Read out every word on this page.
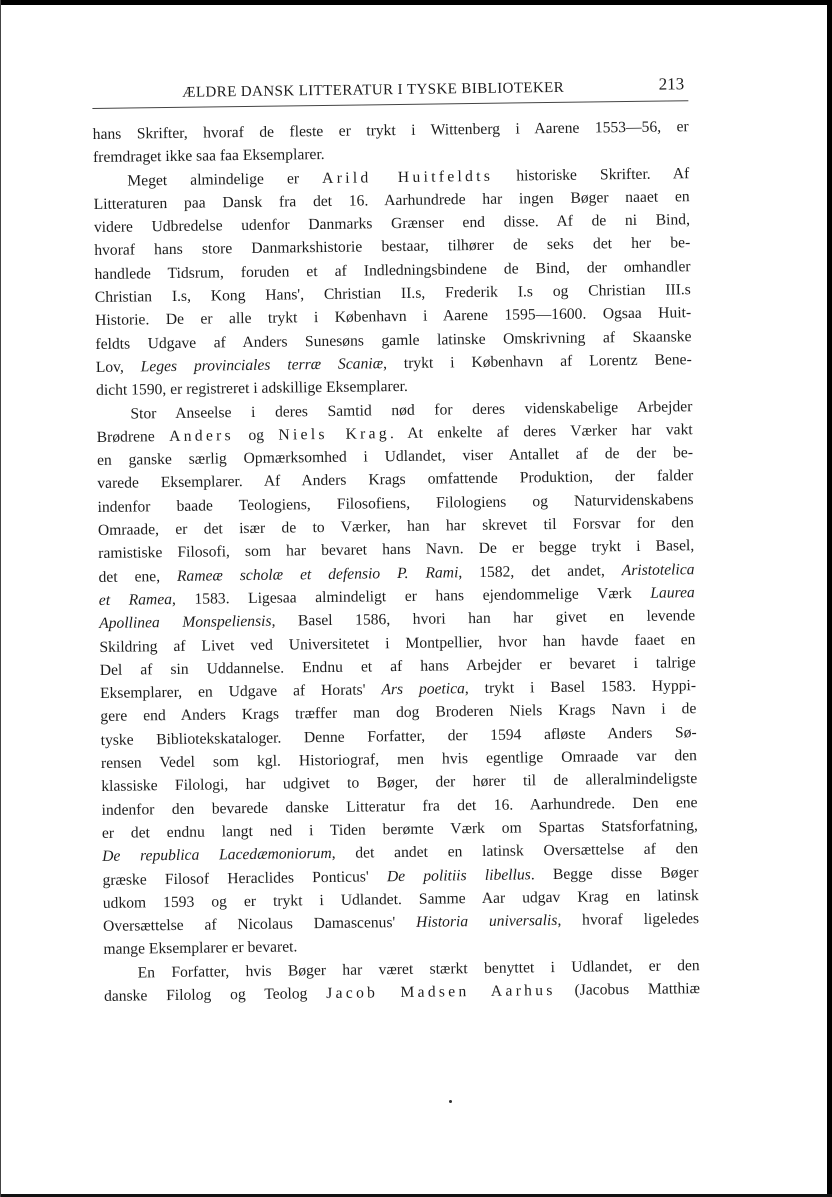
ÆLDRE DANSK LITTERATUR I TYSKE BIBLIOTEKER	213
hans Skrifter, hvoraf de fleste er trykt i Wittenberg i Aarene 1553—56, er
fremdraget ikke saa faa Eksemplarer.
Meget almindelige er Arild Huitfeldts historiske Skrifter. Af
Litteraturen paa Dansk fra det 16. Aarhundrede har ingen Bøger naaet en
videre Udbredelse udenfor Danmarks Grænser end disse. Af de ni Bind,
hvoraf hans store Danmarkshistorie bestaar, tilhører de seks det her be-
handlede Tidsrum, foruden et af Indledningsbindene de Bind, der omhandler
Christian I.s, Kong Hans', Christian II.s, Frederik I.s og Christian III.s
Historie. De er alle trykt i København i Aarene 1595—1600. Ogsaa Huit-
feldts Udgave af Anders Sunesøns gamle latinske Omskrivning af Skaanske
Lov, Leges provinciales terræ Scaniæ, trykt i København af Lorentz Bene-
dicht 1590, er registreret i adskillige Eksemplarer.
Stor Anseelse i deres Samtid nød for deres videnskabelige Arbejder
Brødrene Anders og Niels Krag. At enkelte af deres Værker har vakt
en ganske særlig Opmærksomhed i Udlandet, viser Antallet af de der be-
varede Eksemplarer. Af Anders Krags omfattende Produktion, der falder
indenfor baade Teologiens, Filosofiens, Filologiens og Naturvidenskabens
Omraade, er det især de to Værker, han har skrevet til Forsvar for den
ramistiske Filosofi, som har bevaret hans Navn. De er begge trykt i Basel,
det ene, Rameæ scholæ et defensio P. Rami, 1582, det andet, Aristotelica
et Ramea, 1583. Ligesaa almindeligt er hans ejendommelige Værk Laurea
Apollinea Monspeliensis, Basel 1586, hvori han har givet en levende
Skildring af Livet ved Universitetet i Montpellier, hvor han havde faaet en
Del af sin Uddannelse. Endnu et af hans Arbejder er bevaret i talrige
Eksemplarer, en Udgave af Horats' Ars poetica, trykt i Basel 1583. Hyppi-
gere end Anders Krags træffer man dog Broderen Niels Krags Navn i de
tyske Bibliotekskataloger. Denne Forfatter, der 1594 afløste Anders Sø-
rensen Vedel som kgl. Historiograf, men hvis egentlige Omraade var den
klassiske Filologi, har udgivet to Bøger, der hører til de alleralmindeligste
indenfor den bevarede danske Litteratur fra det 16. Aarhundrede. Den ene
er det endnu langt ned i Tiden berømte Værk om Spartas Statsforfatning,
De republica Lacedæmoniorum, det andet en latinsk Oversættelse af den
græske Filosof Heraclides Ponticus' De politiis libellus. Begge disse Bøger
udkom 1593 og er trykt i Udlandet. Samme Aar udgav Krag en latinsk
Oversættelse af Nicolaus Damascenus' Historia universalis, hvoraf ligeledes
mange Eksemplarer er bevaret.
En Forfatter, hvis Bøger har været stærkt benyttet i Udlandet, er den
danske Filolog og Teolog Jacob Madsen Aarhus (Jacobus Matthiæ
